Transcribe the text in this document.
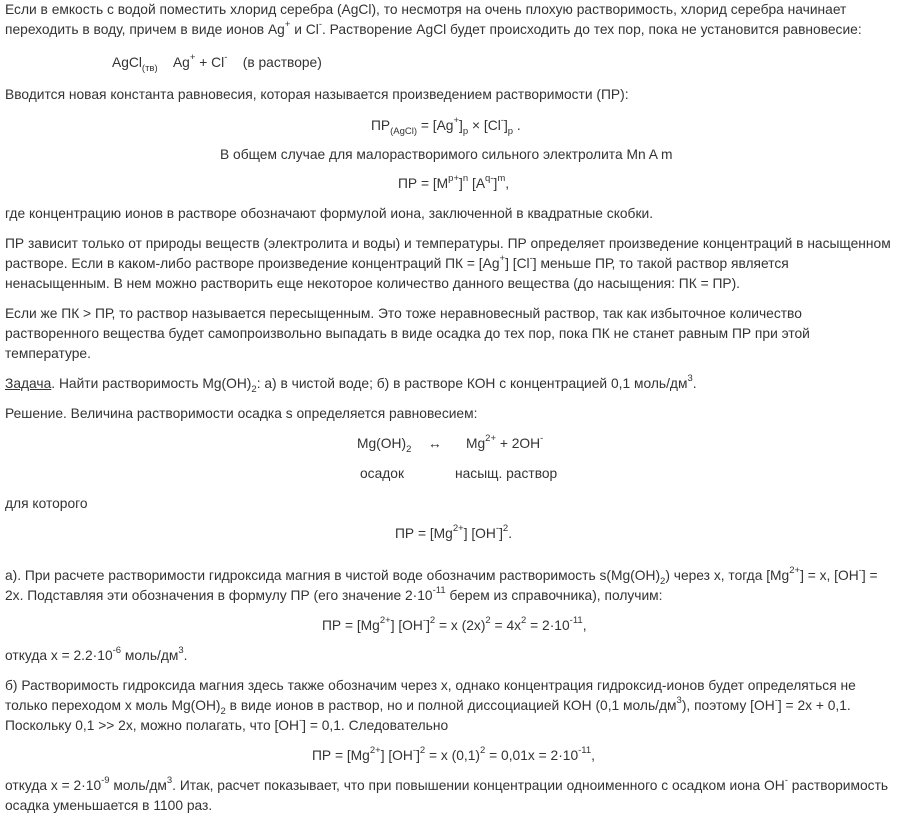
Если в емкость с водой поместить хлорид серебра (AgCl), то несмотря на очень плохую растворимость, хлорид серебра начинает
переходить в воду, причем в виде ионов Ag+ и Cl-. Растворение AgCl будет происходить до тех пор, пока не установится равновесие:
AgCl$_{(тв)}$ Ag+ + Cl- (в растворе)
Вводится новая константа равновесия, которая называется произведением растворимости (ПР):
$ПР_{(AgCl)} = [Ag^+]_p \times [Cl^-]_p$ .
В общем случае для малорастворимого сильного электролита Mn A m
ПР = $[M^{p+}]^n$ $[A^{q-}]^m$,
где концентрацию ионов в растворе обозначают формулой иона, заключенной в квадратные скобки.
ПР зависит только от природы веществ (электролита и воды) и температуры. ПР определяет произведение концентраций в насыщенном
растворе. Если в каком-либо растворе произведение концентраций ПК = [Ag+] [Cl-] меньше ПР, то такой раствор является
ненасыщенным. В нем можно растворить еще некоторое количество данного вещества (до насыщения: ПК = ПР).
Если же ПК > ПР, то раствор называется пересыщенным. Это тоже неравновесный раствор, так как избыточное количество
растворенного вещества будет самопроизвольно выпадать в виде осадка до тех пор, пока ПК не станет равным ПР при этой
температуре.
Задача. Найти растворимость $Mg(OH)_2$: а) в чистой воде; б) в растворе КОН с концентрацией 0,1 моль/$дм^3$.
Решение. Величина растворимости осадка s определяется равновесием:
$Mg(OH)_2$ ↔ $Mg^{2+} + 2OH^-$
осадок	насыщ. раствор
для которого
ПР = $[Mg^{2+}]$ $[OH^-]^2$.
а). При расчете растворимости гидроксида магния в чистой воде обозначим растворимость $s(Mg(OH)_2)$ через х, тогда $[Mg^{2+}] = х$, [OH-] =
2х. Подставляя эти обозначения в формулу ПР (его значение $2\cdot 10^{-11}$ берем из справочника), получим:
ПР = $[Mg^{2+}] [OH^-]^2 = x$ $(2x)^2 = 4x^2 = 2\cdot 10^{-11}$,
откуда $х = 2.2\cdot 10^{-6}$ моль/$дм^3$.
б) Растворимость гидроксида магния здесь также обозначим через х, однако концентрация гидроксид-ионов будет определяться не
только переходом х моль $Mg(OH)_2$ в виде ионов в раствор, но и полной диссоциацией КОН (0,1 моль/$дм^3$), поэтому [OH-] = 2х + 0,1.
Поскольку 0,1 >> 2х, можно полагать, что [OH-] = 0,1. Следовательно
ПР = $[Mg^{2+}] [OH^-]^2 = x$ $(0,1)^2 = 0,01x = 2\cdot 10^{-11}$,
откуда $х = 2\cdot 10^{-9}$ моль/$дм^3$. Итак, расчет показывает, что при повышении концентрации одноименного с осадком иона OH- растворимость
осадка уменьшается в 1100 раз.
